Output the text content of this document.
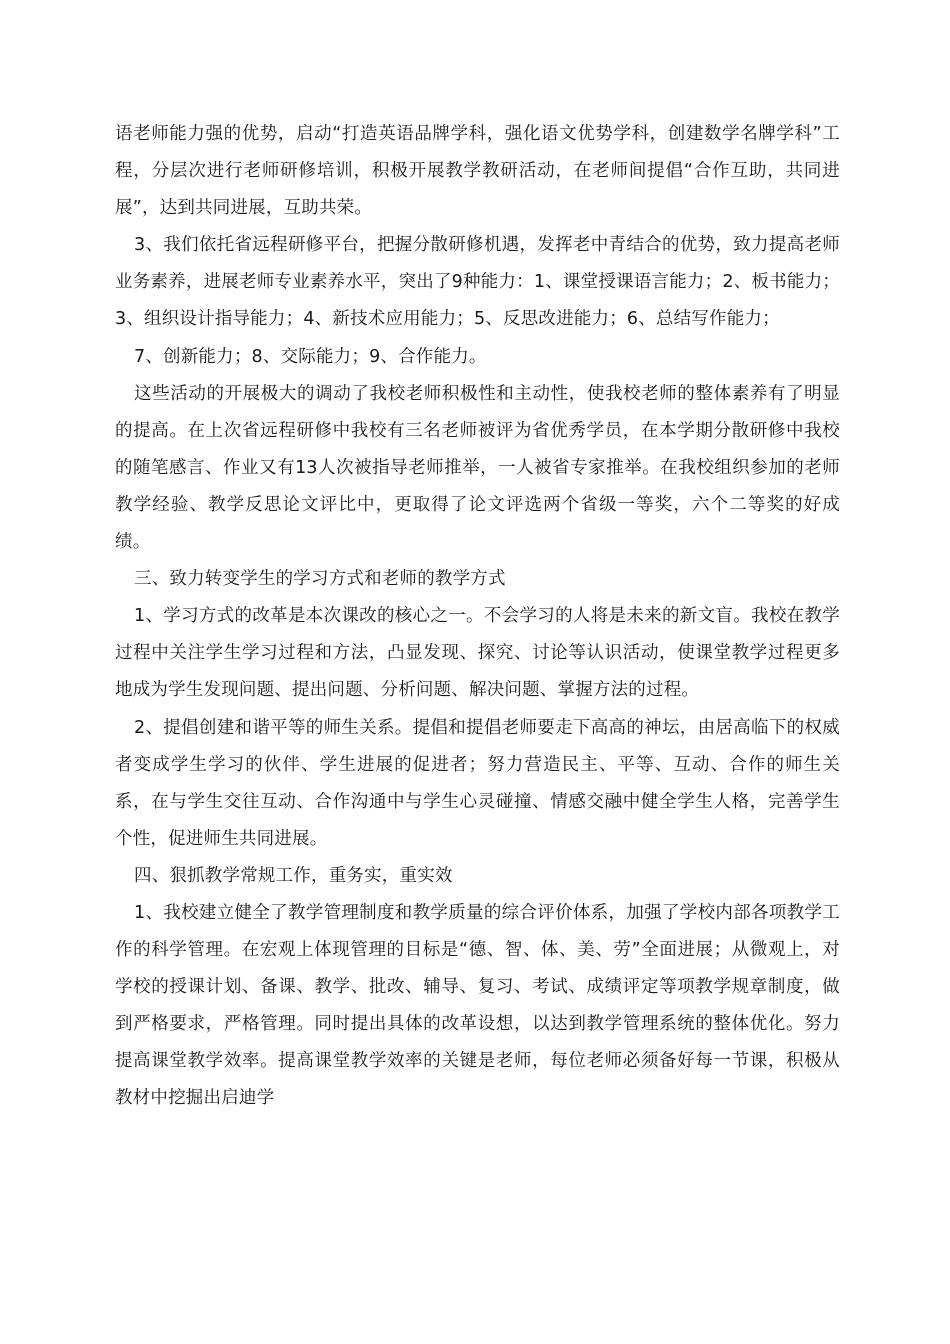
语老师能力强的优势，启动“打造英语品牌学科，强化语文优势学科，创建数学名牌学科”工程，分层次进行老师研修培训，积极开展教学教研活动，在老师间提倡“合作互助，共同进展”，达到共同进展，互助共荣。

3、我们依托省远程研修平台，把握分散研修机遇，发挥老中青结合的优势，致力提高老师业务素养，进展老师专业素养水平，突出了9种能力：1、课堂授课语言能力；2、板书能力；3、组织设计指导能力；4、新技术应用能力；5、反思改进能力；6、总结写作能力；

7、创新能力；8、交际能力；9、合作能力。

这些活动的开展极大的调动了我校老师积极性和主动性，使我校老师的整体素养有了明显的提高。在上次省远程研修中我校有三名老师被评为省优秀学员，在本学期分散研修中我校的随笔感言、作业又有13人次被指导老师推举，一人被省专家推举。在我校组织参加的老师教学经验、教学反思论文评比中，更取得了论文评选两个省级一等奖，六个二等奖的好成绩。

三、致力转变学生的学习方式和老师的教学方式

1、学习方式的改革是本次课改的核心之一。不会学习的人将是未来的新文盲。我校在教学过程中关注学生学习过程和方法，凸显发现、探究、讨论等认识活动，使课堂教学过程更多地成为学生发现问题、提出问题、分析问题、解决问题、掌握方法的过程。

2、提倡创建和谐平等的师生关系。提倡和提倡老师要走下高高的神坛，由居高临下的权威者变成学生学习的伙伴、学生进展的促进者；努力营造民主、平等、互动、合作的师生关系，在与学生交往互动、合作沟通中与学生心灵碰撞、情感交融中健全学生人格，完善学生个性，促进师生共同进展。

四、狠抓教学常规工作，重务实，重实效

1、我校建立健全了教学管理制度和教学质量的综合评价体系，加强了学校内部各项教学工作的科学管理。在宏观上体现管理的目标是“德、智、体、美、劳”全面进展；从微观上，对学校的授课计划、备课、教学、批改、辅导、复习、考试、成绩评定等项教学规章制度，做到严格要求，严格管理。同时提出具体的改革设想，以达到教学管理系统的整体优化。努力提高课堂教学效率。提高课堂教学效率的关键是老师，每位老师必须备好每一节课，积极从教材中挖掘出启迪学
